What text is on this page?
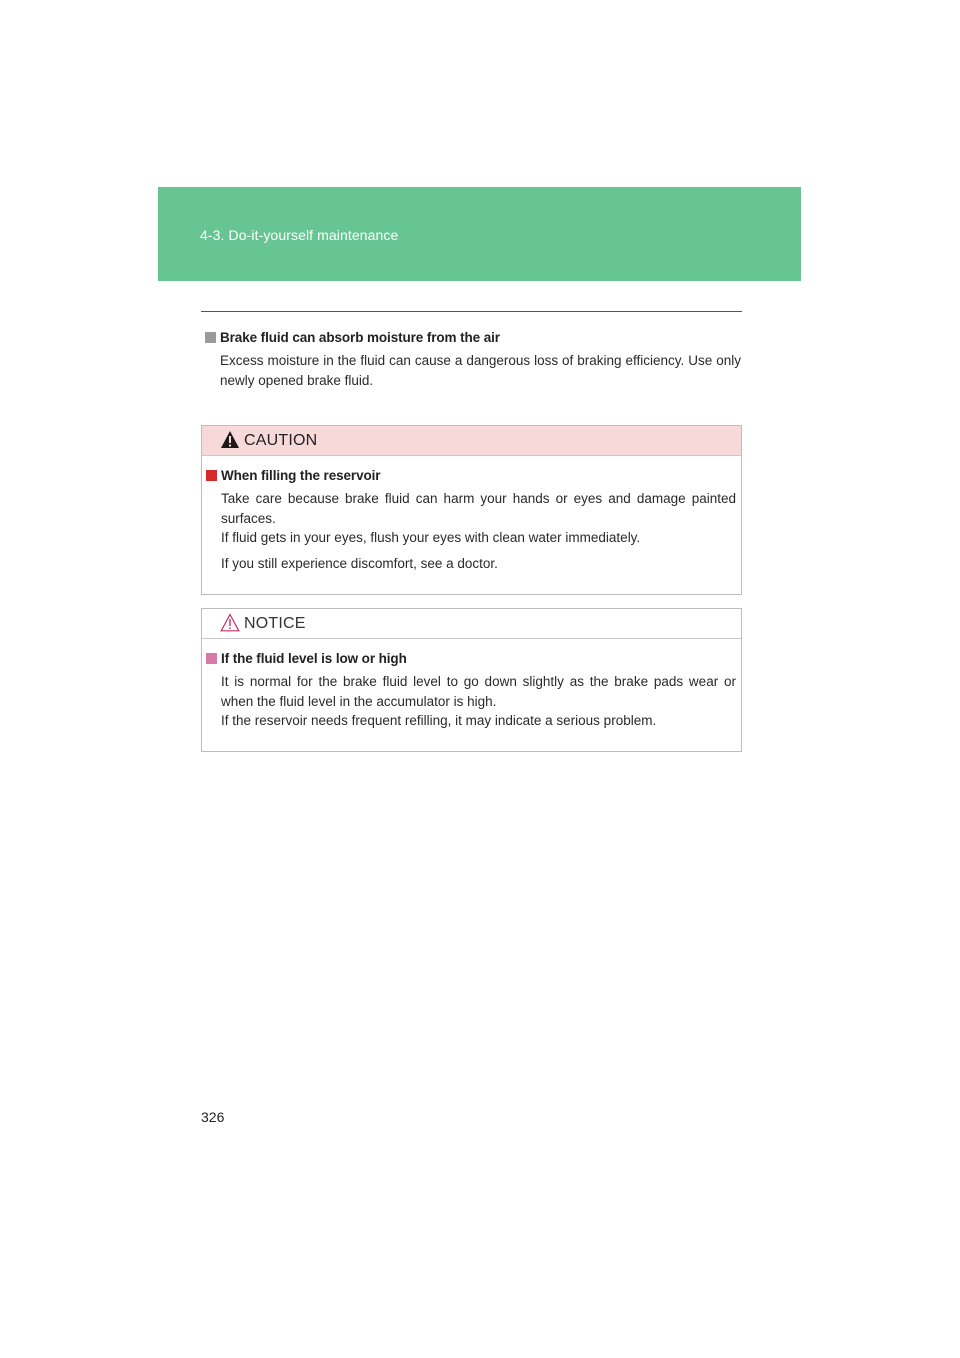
4-3. Do-it-yourself maintenance
Brake fluid can absorb moisture from the air

Excess moisture in the fluid can cause a dangerous loss of braking efficiency. Use only newly opened brake fluid.

CAUTION
When filling the reservoir

Take care because brake fluid can harm your hands or eyes and damage painted surfaces.

If fluid gets in your eyes, flush your eyes with clean water immediately.

If you still experience discomfort, see a doctor.

NOTICE
If the fluid level is low or high

It is normal for the brake fluid level to go down slightly as the brake pads wear or when the fluid level in the accumulator is high.

If the reservoir needs frequent refilling, it may indicate a serious problem.

326
